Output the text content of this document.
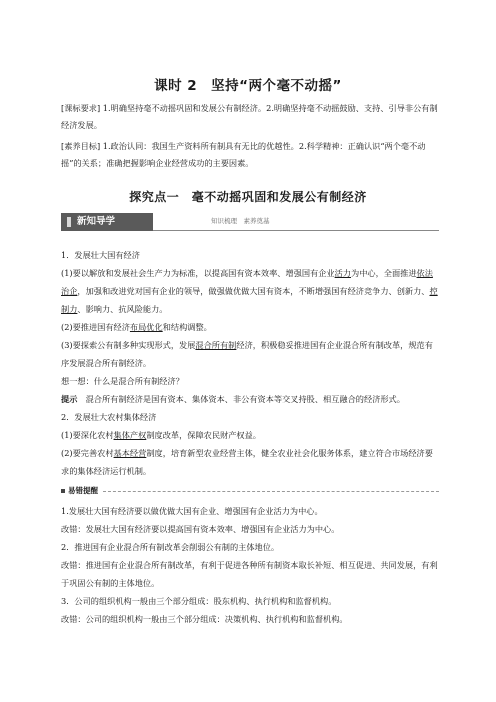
课时 2　坚持“两个毫不动摇”
[课标要求] 1.明确坚持毫不动摇巩固和发展公有制经济。2.明确坚持毫不动摇鼓励、支持、引导非公有制经济发展。
[素养目标] 1.政治认同：我国生产资料所有制具有无比的优越性。2.科学精神：正确认识“两个毫不动摇”的关系；准确把握影响企业经营成功的主要因素。
探究点一　毫不动摇巩固和发展公有制经济
新知导学	知识梳理　素养奠基

1．发展壮大国有经济

(1)要以解放和发展社会生产力为标准，以提高国有资本效率、增强国有企业活力为中心，全面推进依法治企，加强和改进党对国有企业的领导，做强做优做大国有资本，不断增强国有经济竞争力、创新力、控制力、影响力、抗风险能力。

(2)要推进国有经济布局优化和结构调整。

(3)要探索公有制多种实现形式，发展混合所有制经济，积极稳妥推进国有企业混合所有制改革，规范有序发展混合所有制经济。

想一想：什么是混合所有制经济？

提示　混合所有制经济是国有资本、集体资本、非公有资本等交叉持股、相互融合的经济形式。

2．发展壮大农村集体经济

(1)要深化农村集体产权制度改革，保障农民财产权益。

(2)要完善农村基本经营制度，培育新型农业经营主体，健全农业社会化服务体系，建立符合市场经济要求的集体经济运行机制。

易错提醒

1.发展壮大国有经济要以做优做大国有企业、增强国有企业活力为中心。

改错：发展壮大国有经济要以提高国有资本效率、增强国有企业活力为中心。

2．推进国有企业混合所有制改革会削弱公有制的主体地位。

改错：推进国有企业混合所有制改革，有利于促进各种所有制资本取长补短、相互促进、共同发展，有利于巩固公有制的主体地位。

3．公司的组织机构一般由三个部分组成：股东机构、执行机构和监督机构。

改错：公司的组织机构一般由三个部分组成：决策机构、执行机构和监督机构。
